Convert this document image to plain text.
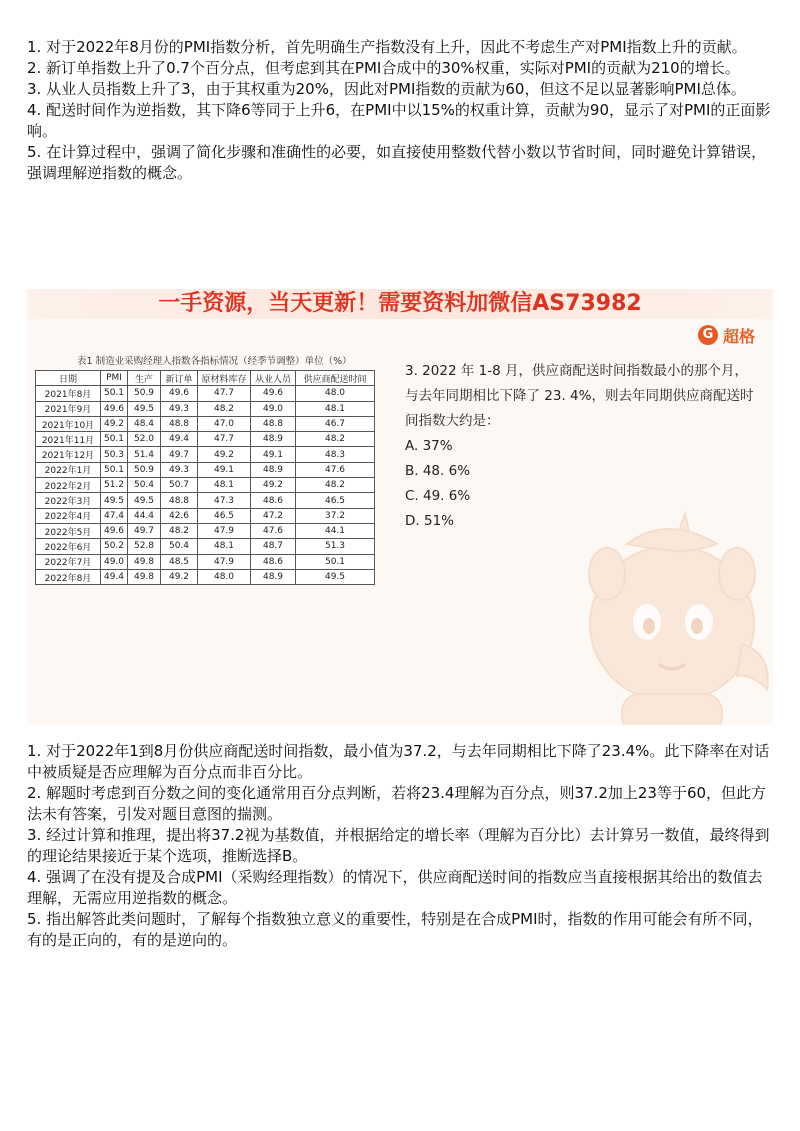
1. 对于2022年8月份的PMI指数分析，首先明确生产指数没有上升，因此不考虑生产对PMI指数上升的贡献。

2. 新订单指数上升了0.7个百分点，但考虑到其在PMI合成中的30%权重，实际对PMI的贡献为210的增长。

3. 从业人员指数上升了3，由于其权重为20%，因此对PMI指数的贡献为60，但这不足以显著影响PMI总体。

4. 配送时间作为逆指数，其下降6等同于上升6，在PMI中以15%的权重计算，贡献为90，显示了对PMI的正面影响。

5. 在计算过程中，强调了简化步骤和准确性的必要，如直接使用整数代替小数以节省时间，同时避免计算错误，强调理解逆指数的概念。

一手资源，当天更新！需要资料加微信AS73982
G 超格
表1 制造业采购经理人指数各指标情况（经季节调整）单位（%）
日期	PMI	生产	新订单	原材料库存	从业人员	供应商配送时间
2021年8月	50.1	50.9	49.6	47.7	49.6	48.0
2021年9月	49.6	49.5	49.3	48.2	49.0	48.1
2021年10月	49.2	48.4	48.8	47.0	48.8	46.7
2021年11月	50.1	52.0	49.4	47.7	48.9	48.2
2021年12月	50.3	51.4	49.7	49.2	49.1	48.3
2022年1月	50.1	50.9	49.3	49.1	48.9	47.6
2022年2月	51.2	50.4	50.7	48.1	49.2	48.2
2022年3月	49.5	49.5	48.8	47.3	48.6	46.5
2022年4月	47.4	44.4	42.6	46.5	47.2	37.2
2022年5月	49.6	49.7	48.2	47.9	47.6	44.1
2022年6月	50.2	52.8	50.4	48.1	48.7	51.3
2022年7月	49.0	49.8	48.5	47.9	48.6	50.1
2022年8月	49.4	49.8	49.2	48.0	48.9	49.5

3. 2022 年 1-8 月，供应商配送时间指数最小的那个月，与去年同期相比下降了 23. 4%，则去年同期供应商配送时间指数大约是：

A. 37%

B. 48. 6%

C. 49. 6%

D. 51%

1. 对于2022年1到8月份供应商配送时间指数，最小值为37.2，与去年同期相比下降了23.4%。此下降率在对话中被质疑是否应理解为百分点而非百分比。

2. 解题时考虑到百分数之间的变化通常用百分点判断，若将23.4理解为百分点，则37.2加上23等于60，但此方法未有答案，引发对题目意图的揣测。

3. 经过计算和推理，提出将37.2视为基数值，并根据给定的增长率（理解为百分比）去计算另一数值，最终得到的理论结果接近于某个选项，推断选择B。

4. 强调了在没有提及合成PMI（采购经理指数）的情况下，供应商配送时间的指数应当直接根据其给出的数值去理解，无需应用逆指数的概念。

5. 指出解答此类问题时，了解每个指数独立意义的重要性，特别是在合成PMI时，指数的作用可能会有所不同，有的是正向的，有的是逆向的。
